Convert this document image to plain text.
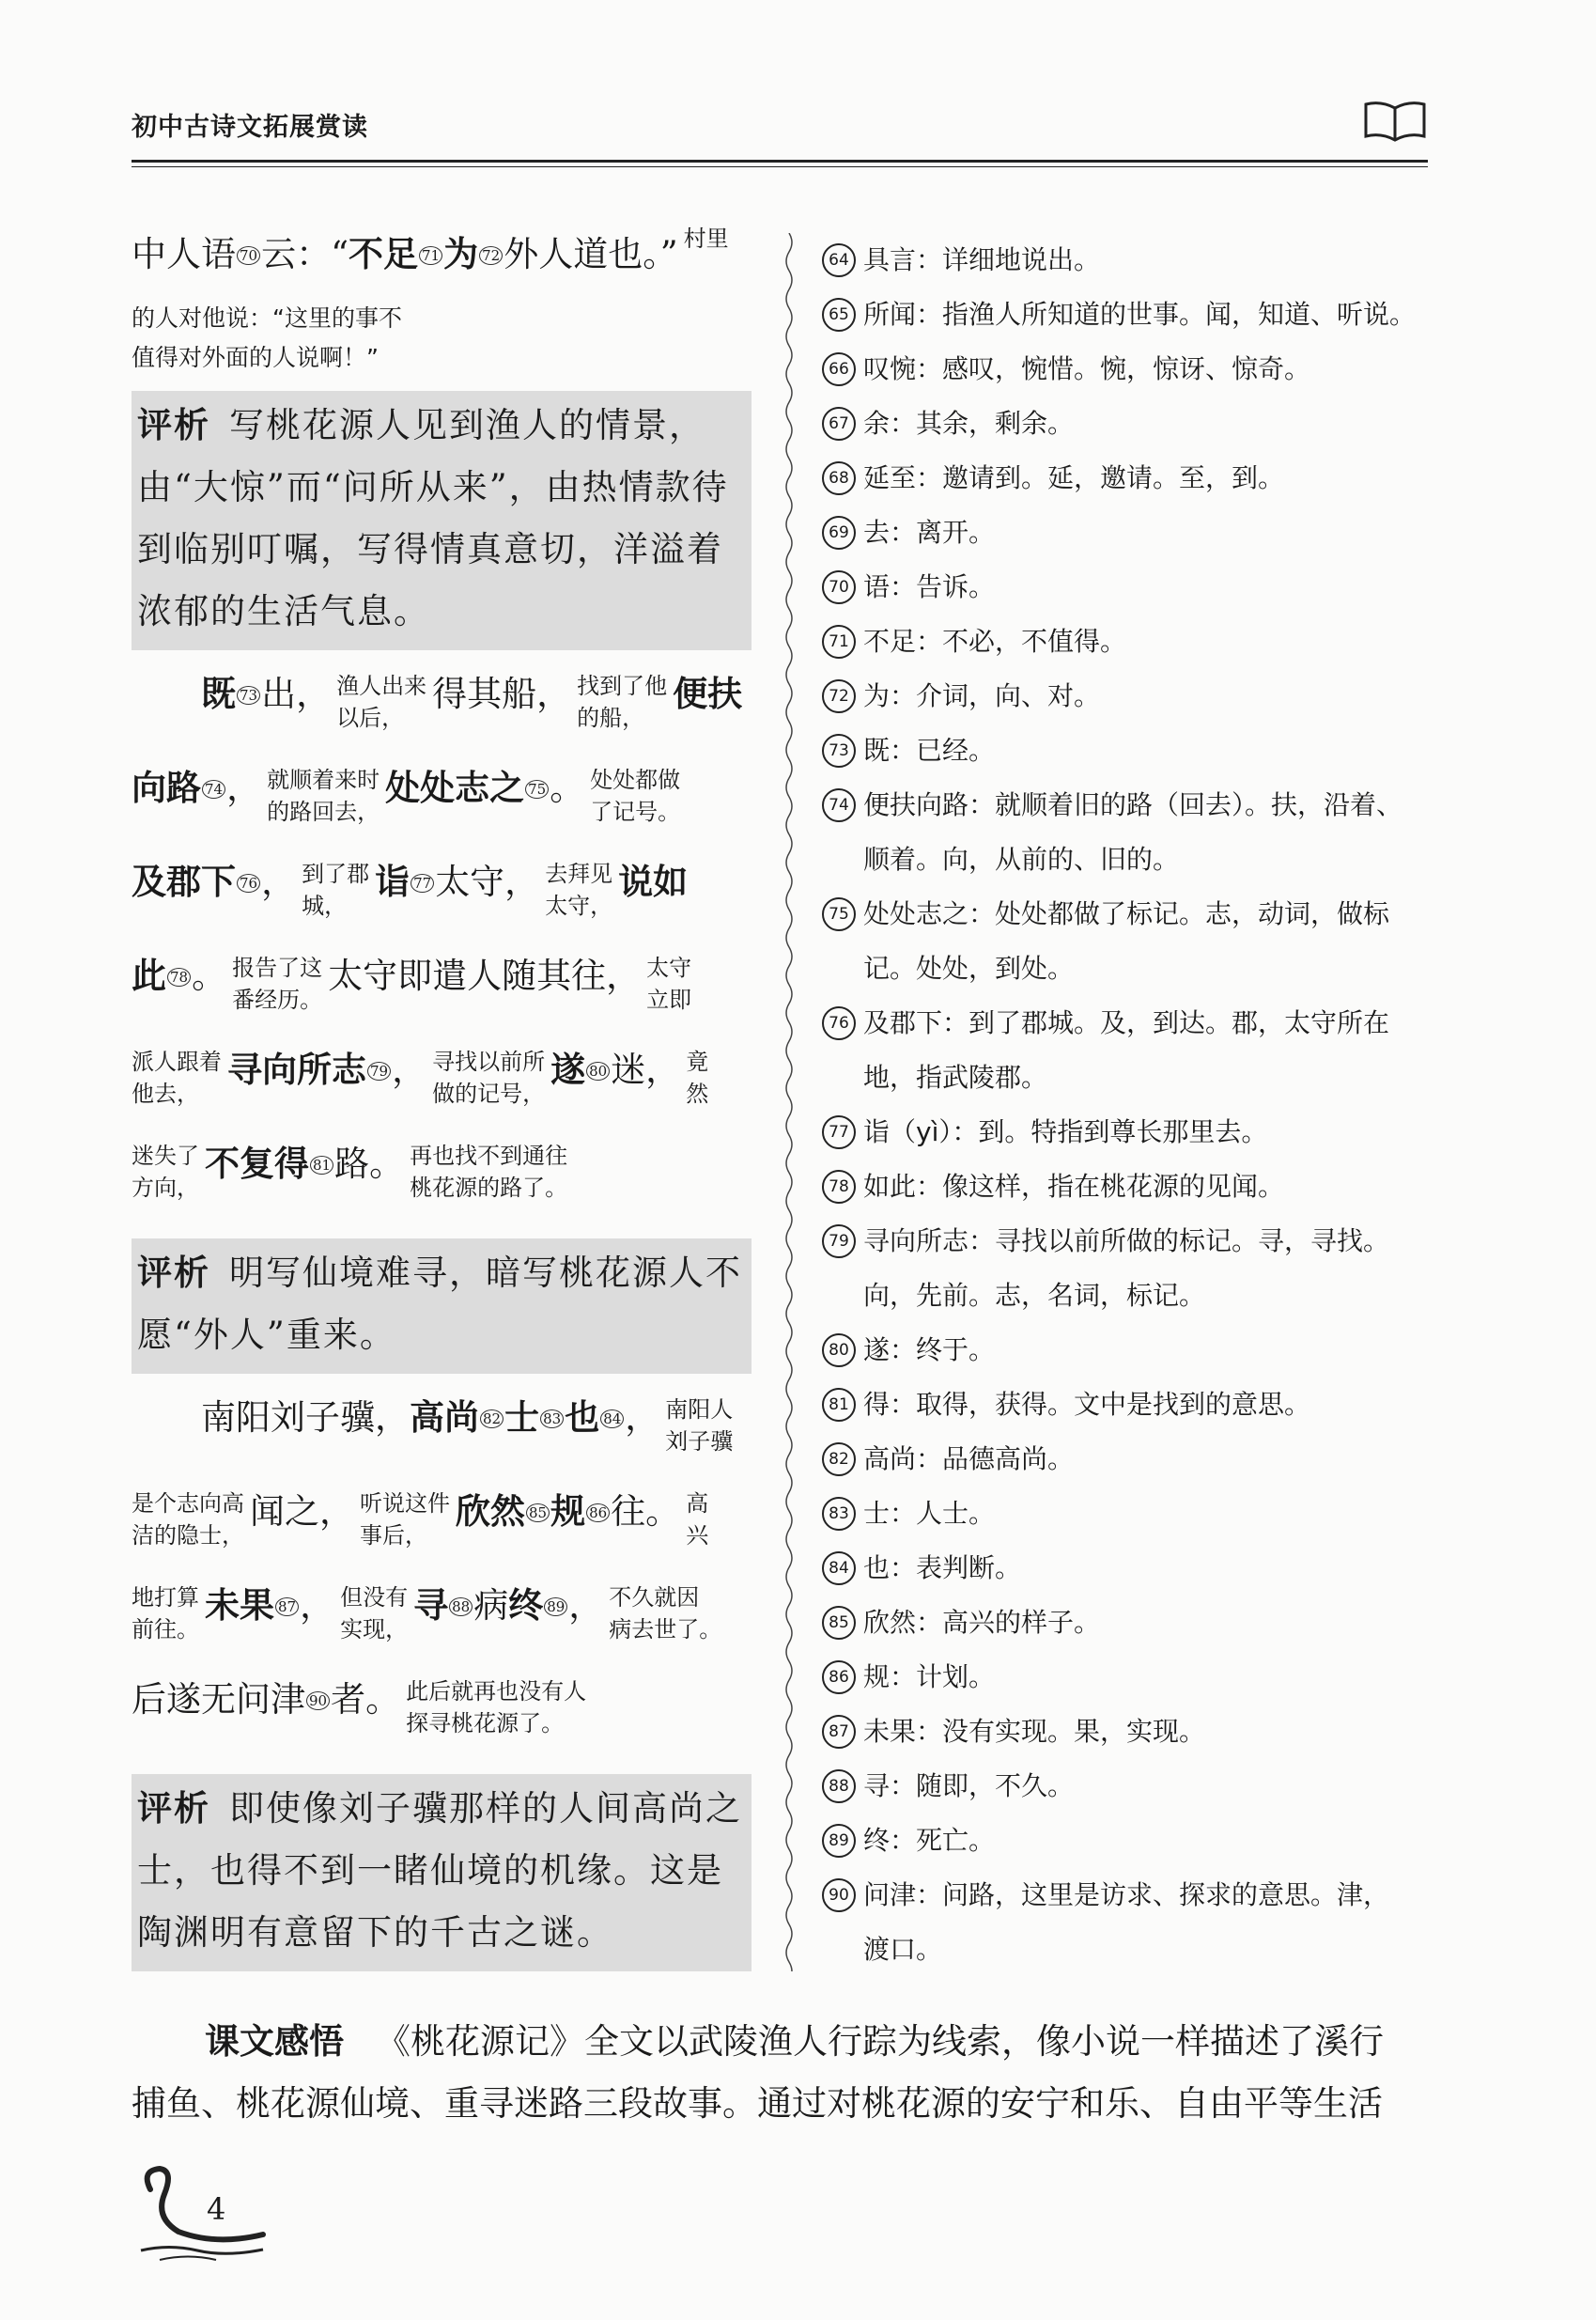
初中古诗文拓展赏读
中人语 70 云：“不足 71 为 72 外人道也。” 村里
的人对他说：“这里的事不
值得对外面的人说啊！”
评析 写桃花源人见到渔人的情景，由“大惊”而“问所从来”，由热情款待到临别叮嘱，写得情真意切，洋溢着浓郁的生活气息。
既 73 出， 渔人出来
以后，
得其船， 找到了他
的船，
便扶
向路 74 ， 就顺着来时
的路回去，
处处志之 75 。 处处都做
了记号。
及郡下 76 ， 到了郡
城，
诣 77 太守， 去拜见
太守，
说如
此 78 。 报告了这
番经历。
太守即遣人随其往， 太守
立即
派人跟着
他去，
寻向所志 79 ， 寻找以前所
做的记号，
遂 80 迷， 竟
然
迷失了
方向，
不复得 81 路。 再也找不到通往
桃花源的路了。
评析 明写仙境难寻，暗写桃花源人不愿“外人”重来。
南阳刘子骥，高尚 82 士 83 也 84 ， 南阳人
刘子骥
是个志向高
洁的隐士，
闻之， 听说这件
事后，
欣然 85 规 86 往。 高
兴
地打算
前往。
未果 87 ， 但没有
实现，
寻 88 病终 89 ， 不久就因
病去世了。
后遂无问津 90 者。 此后就再也没有人
探寻桃花源了。
评析 即使像刘子骥那样的人间高尚之士，也得不到一睹仙境的机缘。这是陶渊明有意留下的千古之谜。
64 具言：详细地说出。
65 所闻：指渔人所知道的世事。闻，知道、听说。
66 叹惋：感叹，惋惜。惋，惊讶、惊奇。
67 余：其余，剩余。
68 延至：邀请到。延，邀请。至，到。
69 去：离开。
70 语：告诉。
71 不足：不必，不值得。
72 为：介词，向、对。
73 既：已经。
74 便扶向路：就顺着旧的路（回去）。扶，沿着、
顺着。向，从前的、旧的。
75 处处志之：处处都做了标记。志，动词，做标
记。处处，到处。
76 及郡下：到了郡城。及，到达。郡，太守所在
地，指武陵郡。
77 诣（yì）：到。特指到尊长那里去。
78 如此：像这样，指在桃花源的见闻。
79 寻向所志：寻找以前所做的标记。寻，寻找。
向，先前。志，名词，标记。
80 遂：终于。
81 得：取得，获得。文中是找到的意思。
82 高尚：品德高尚。
83 士：人士。
84 也：表判断。
85 欣然：高兴的样子。
86 规：计划。
87 未果：没有实现。果，实现。
88 寻：随即，不久。
89 终：死亡。
90 问津：问路，这里是访求、探求的意思。津，
渡口。
课文感悟 《桃花源记》全文以武陵渔人行踪为线索，像小说一样描述了溪行
捕鱼、桃花源仙境、重寻迷路三段故事。通过对桃花源的安宁和乐、自由平等生活
4
